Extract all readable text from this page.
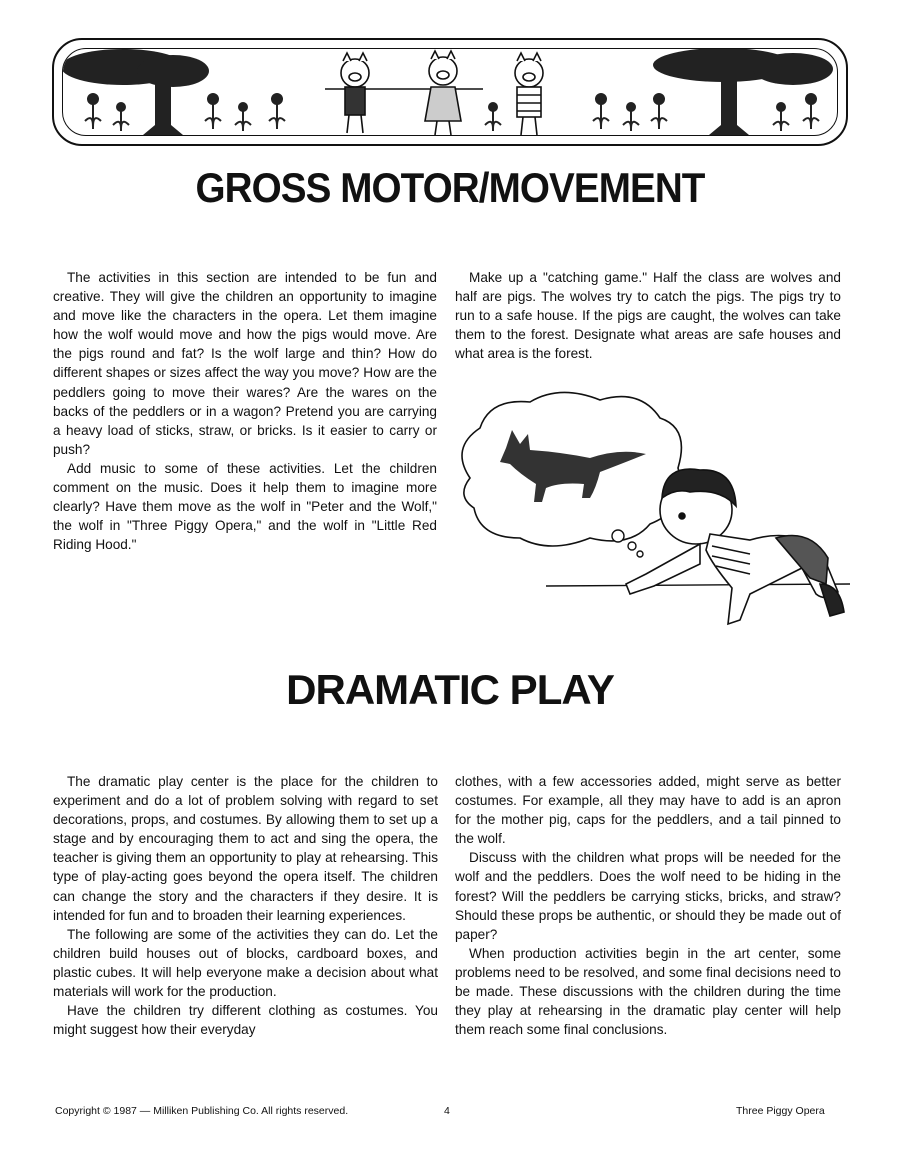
GROSS MOTOR/MOVEMENT

The activities in this section are intended to be fun and creative. They will give the children an opportunity to imagine and move like the characters in the opera. Let them imagine how the wolf would move and how the pigs would move. Are the pigs round and fat? Is the wolf large and thin? How do different shapes or sizes affect the way you move? How are the peddlers going to move their wares? Are the wares on the backs of the peddlers or in a wagon? Pretend you are carrying a heavy load of sticks, straw, or bricks. Is it easier to carry or push?

Add music to some of these activities. Let the children comment on the music. Does it help them to imagine more clearly? Have them move as the wolf in "Peter and the Wolf," the wolf in "Three Piggy Opera," and the wolf in "Little Red Riding Hood."

Make up a "catching game." Half the class are wolves and half are pigs. The wolves try to catch the pigs. The pigs try to run to a safe house. If the pigs are caught, the wolves can take them to the forest. Designate what areas are safe houses and what area is the forest.

DRAMATIC PLAY

The dramatic play center is the place for the children to experiment and do a lot of problem solving with regard to set decorations, props, and costumes. By allowing them to set up a stage and by encouraging them to act and sing the opera, the teacher is giving them an opportunity to play at rehearsing. This type of play-acting goes beyond the opera itself. The children can change the story and the characters if they desire. It is intended for fun and to broaden their learning experiences.

The following are some of the activities they can do. Let the children build houses out of blocks, cardboard boxes, and plastic cubes. It will help everyone make a decision about what materials will work for the production.

Have the children try different clothing as costumes. You might suggest how their everyday

clothes, with a few accessories added, might serve as better costumes. For example, all they may have to add is an apron for the mother pig, caps for the peddlers, and a tail pinned to the wolf.

Discuss with the children what props will be needed for the wolf and the peddlers. Does the wolf need to be hiding in the forest? Will the peddlers be carrying sticks, bricks, and straw? Should these props be authentic, or should they be made out of paper?

When production activities begin in the art center, some problems need to be resolved, and some final decisions need to be made. These discussions with the children during the time they play at rehearsing in the dramatic play center will help them reach some final conclusions.

Copyright © 1987 — Milliken Publishing Co. All rights reserved.	4	Three Piggy Opera
